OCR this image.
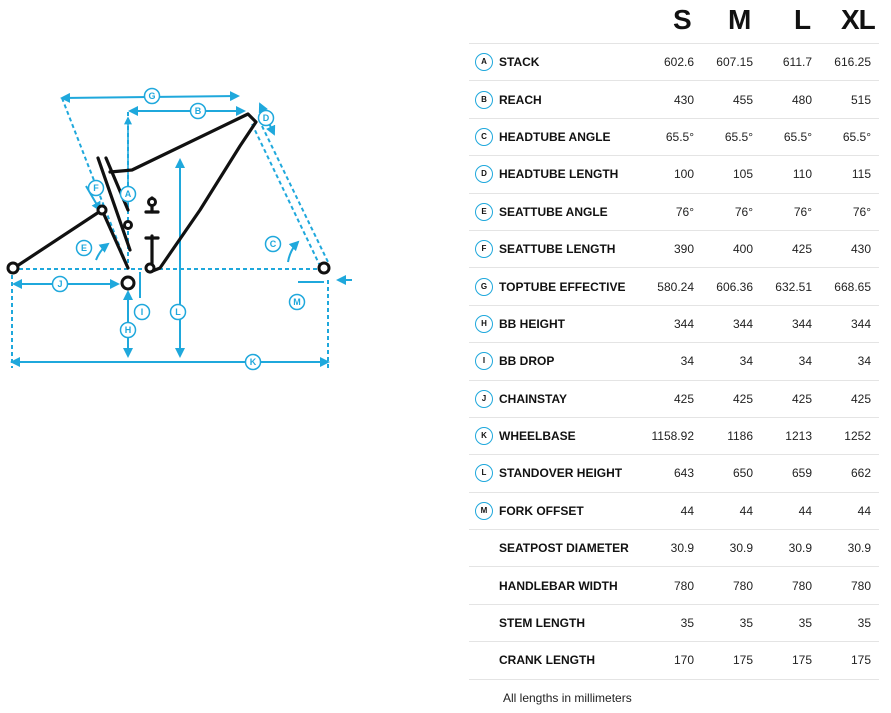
A
B
C
D
E
F
G
H
I
J
K
L
M
S M L XL
A	STACK	602.6	607.15	611.7	616.25
B	REACH	430	455	480	515
C	HEADTUBE ANGLE	65.5°	65.5°	65.5°	65.5°
D	HEADTUBE LENGTH	100	105	110	115
E	SEATTUBE ANGLE	76°	76°	76°	76°
F	SEATTUBE LENGTH	390	400	425	430
G	TOPTUBE EFFECTIVE	580.24	606.36	632.51	668.65
H	BB HEIGHT	344	344	344	344
I	BB DROP	34	34	34	34
J	CHAINSTAY	425	425	425	425
K	WHEELBASE	1158.92	1186	1213	1252
L	STANDOVER HEIGHT	643	650	659	662
M	FORK OFFSET	44	44	44	44
	SEATPOST DIAMETER	30.9	30.9	30.9	30.9
	HANDLEBAR WIDTH	780	780	780	780
	STEM LENGTH	35	35	35	35
	CRANK LENGTH	170	175	175	175
All lengths in millimeters
